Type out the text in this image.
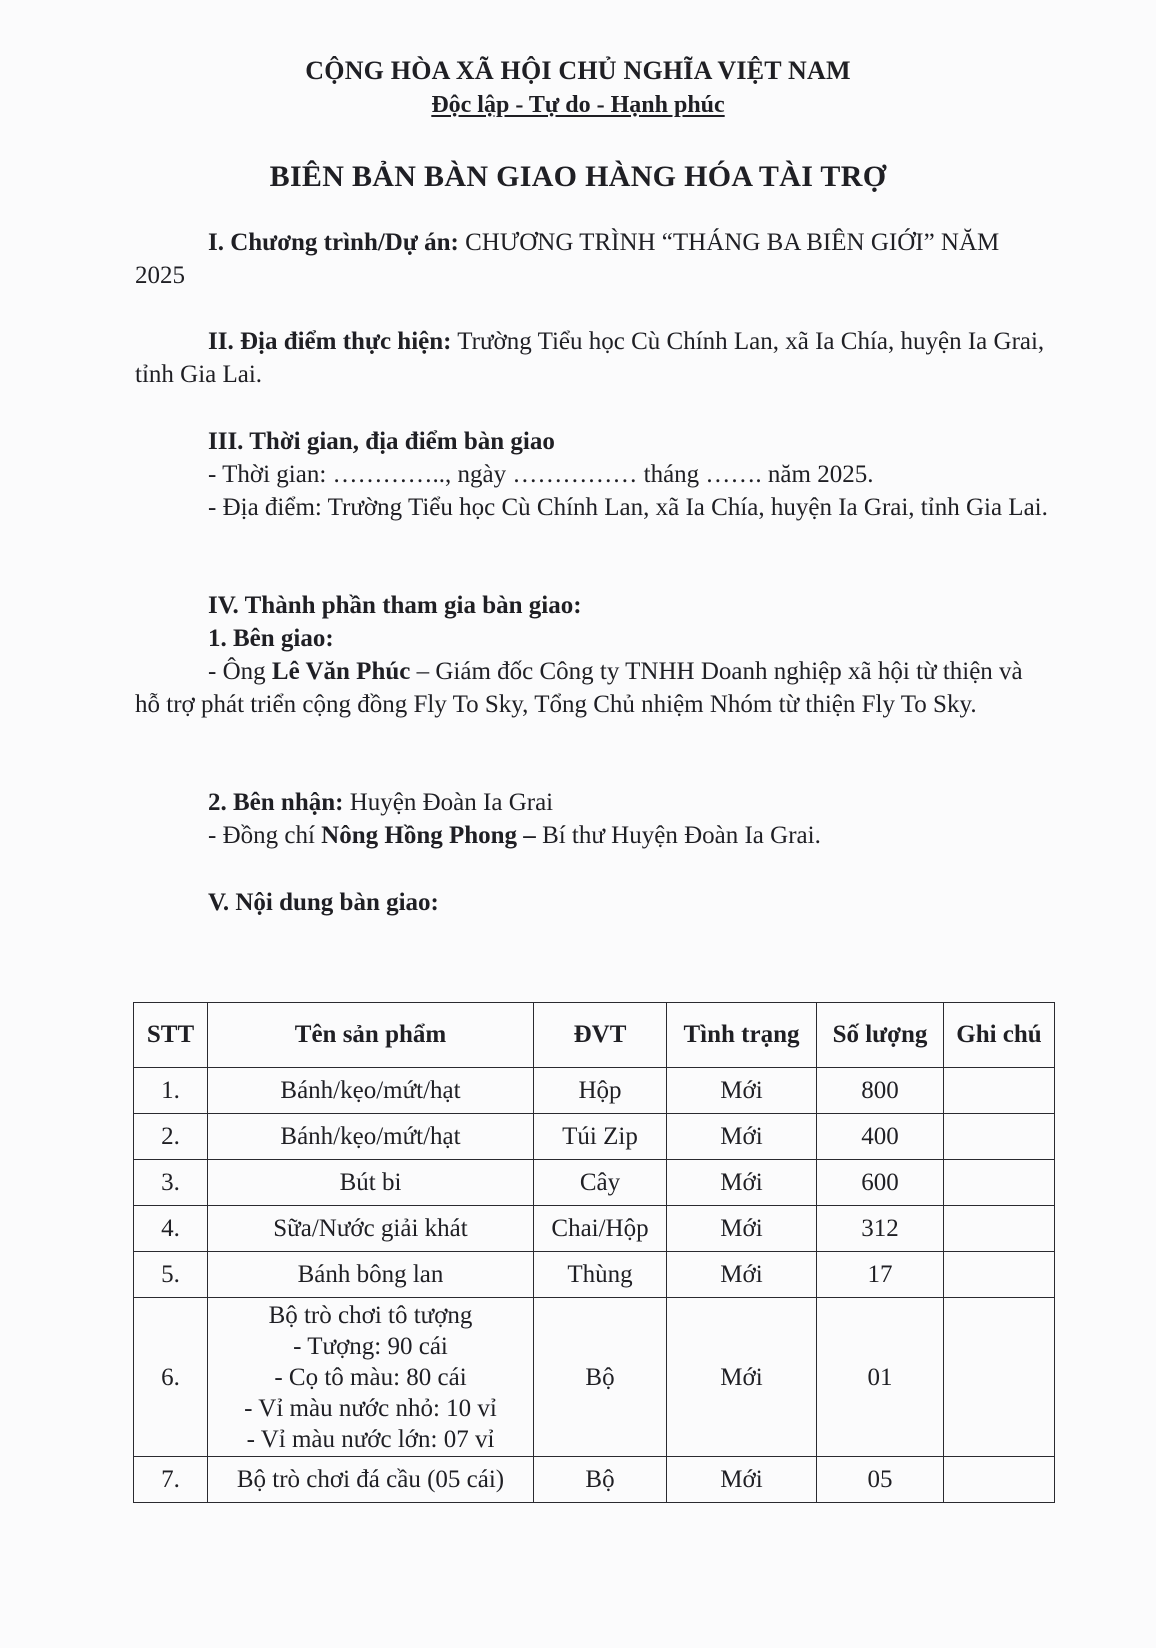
CỘNG HÒA XÃ HỘI CHỦ NGHĨA VIỆT NAM
Độc lập - Tự do - Hạnh phúc
BIÊN BẢN BÀN GIAO HÀNG HÓA TÀI TRỢ
I. Chương trình/Dự án: CHƯƠNG TRÌNH “THÁNG BA BIÊN GIỚI” NĂM 2025
II. Địa điểm thực hiện: Trường Tiểu học Cù Chính Lan, xã Ia Chía, huyện Ia Grai, tỉnh Gia Lai.
III. Thời gian, địa điểm bàn giao
- Thời gian: ………….., ngày …………… tháng ……. năm 2025.
- Địa điểm: Trường Tiểu học Cù Chính Lan, xã Ia Chía, huyện Ia Grai, tỉnh Gia Lai.
IV. Thành phần tham gia bàn giao:
1. Bên giao:
- Ông Lê Văn Phúc – Giám đốc Công ty TNHH Doanh nghiệp xã hội từ thiện và hỗ trợ phát triển cộng đồng Fly To Sky, Tổng Chủ nhiệm Nhóm từ thiện Fly To Sky.
2. Bên nhận: Huyện Đoàn Ia Grai
- Đồng chí Nông Hồng Phong – Bí thư Huyện Đoàn Ia Grai.
V. Nội dung bàn giao:
STT	Tên sản phẩm	ĐVT	Tình trạng	Số lượng	Ghi chú
1.	Bánh/kẹo/mứt/hạt	Hộp	Mới	800	
2.	Bánh/kẹo/mứt/hạt	Túi Zip	Mới	400	
3.	Bút bi	Cây	Mới	600	
4.	Sữa/Nước giải khát	Chai/Hộp	Mới	312	
5.	Bánh bông lan	Thùng	Mới	17	
6.	Bộ trò chơi tô tượng
- Tượng: 90 cái
- Cọ tô màu: 80 cái
- Vỉ màu nước nhỏ: 10 vỉ
- Vỉ màu nước lớn: 07 vỉ	Bộ	Mới	01	
7.	Bộ trò chơi đá cầu (05 cái)	Bộ	Mới	05	
